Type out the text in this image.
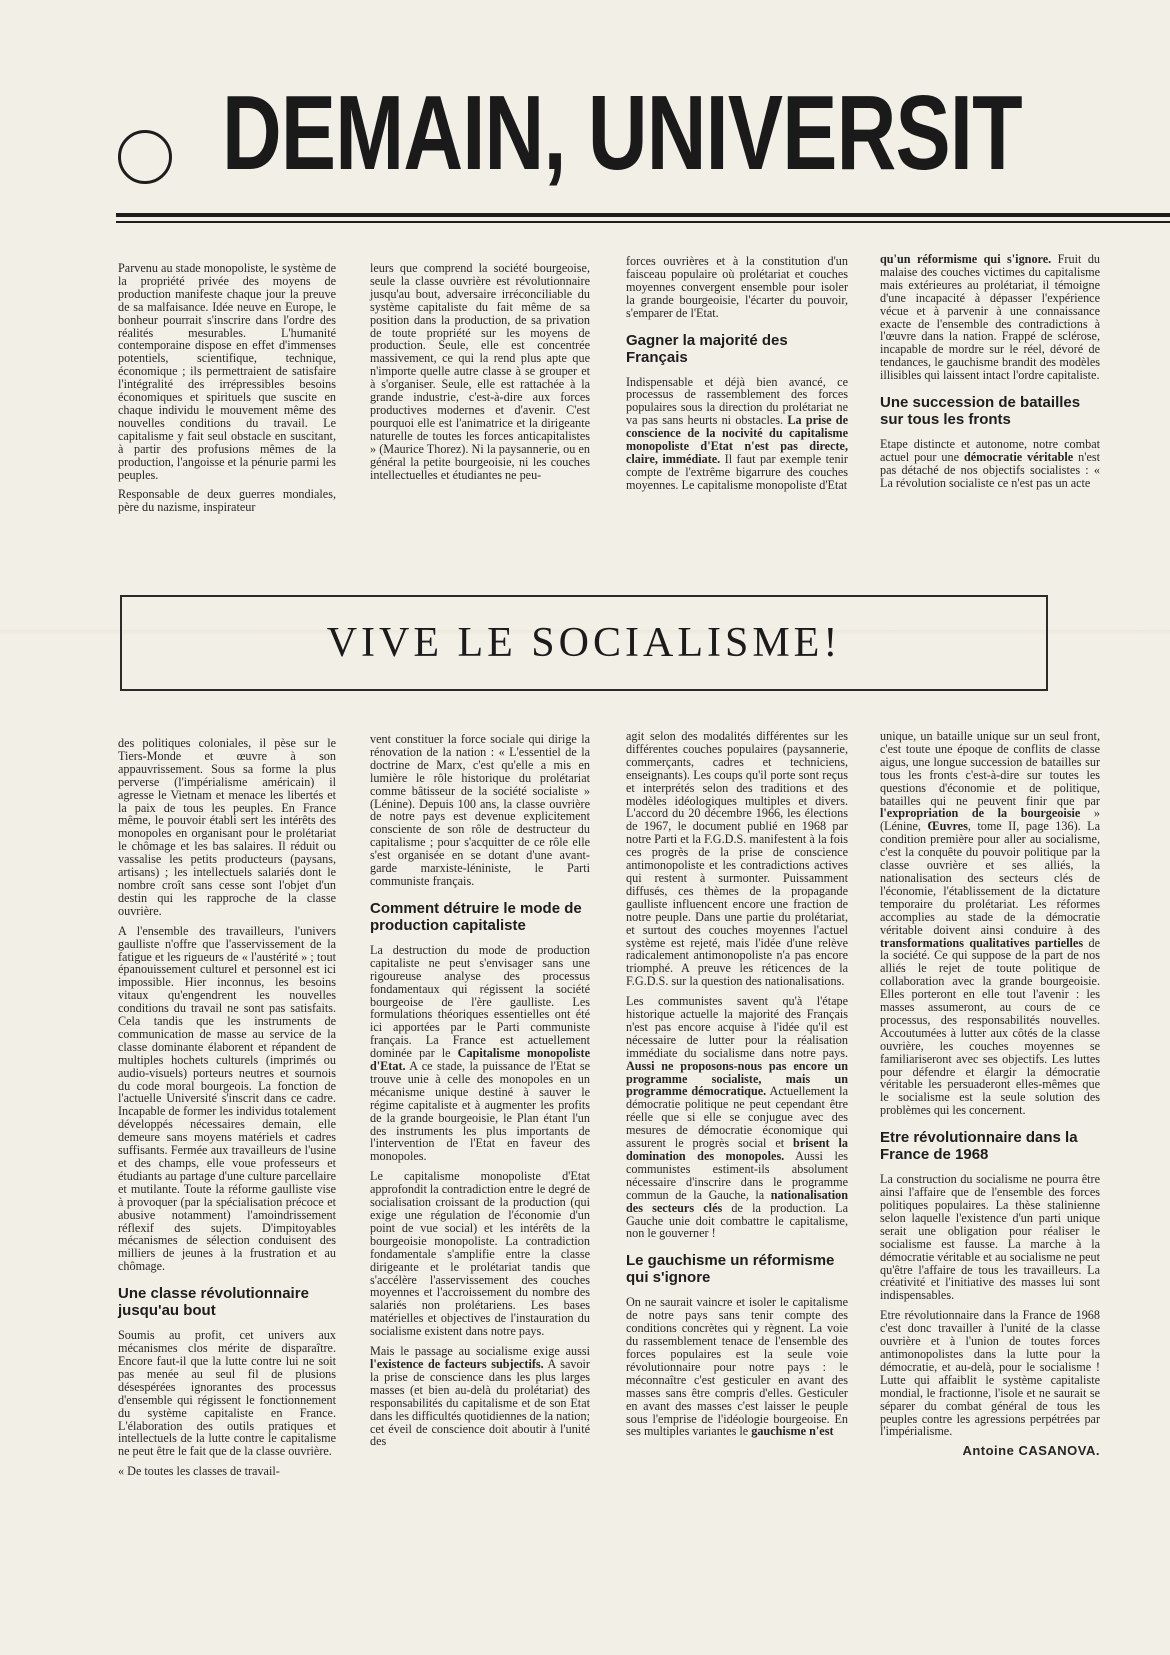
DEMAIN, UNIVERSIT

Parvenu au stade monopoliste, le système de la propriété privée des moyens de production manifeste chaque jour la preuve de sa malfaisance. Idée neuve en Europe, le bonheur pourrait s'inscrire dans l'ordre des réalités mesurables. L'humanité contemporaine dispose en effet d'immenses potentiels, scientifique, technique, économique ; ils permettraient de satisfaire l'intégralité des irrépressibles besoins économiques et spirituels que suscite en chaque individu le mouvement même des nouvelles conditions du travail. Le capitalisme y fait seul obstacle en suscitant, à partir des profusions mêmes de la production, l'angoisse et la pénurie parmi les peuples.

Responsable de deux guerres mondiales, père du nazisme, inspirateur

leurs que comprend la société bourgeoise, seule la classe ouvrière est révolutionnaire jusqu'au bout, adversaire irréconciliable du système capitaliste du fait même de sa position dans la production, de sa privation de toute propriété sur les moyens de production. Seule, elle est concentrée massivement, ce qui la rend plus apte que n'importe quelle autre classe à se grouper et à s'organiser. Seule, elle est rattachée à la grande industrie, c'est-à-dire aux forces productives modernes et d'avenir. C'est pourquoi elle est l'animatrice et la dirigeante naturelle de toutes les forces anticapitalistes » (Maurice Thorez). Ni la paysannerie, ou en général la petite bourgeoisie, ni les couches intellectuelles et étudiantes ne peu-

forces ouvrières et à la constitution d'un faisceau populaire où prolétariat et couches moyennes convergent ensemble pour isoler la grande bourgeoisie, l'écarter du pouvoir, s'emparer de l'Etat.

Gagner la majorité des Français

Indispensable et déjà bien avancé, ce processus de rassemblement des forces populaires sous la direction du prolétariat ne va pas sans heurts ni obstacles. La prise de conscience de la nocivité du capitalisme monopoliste d'Etat n'est pas directe, claire, immédiate. Il faut par exemple tenir compte de l'extrême bigarrure des couches moyennes. Le capitalisme monopoliste d'Etat

qu'un réformisme qui s'ignore. Fruit du malaise des couches victimes du capitalisme mais extérieures au prolétariat, il témoigne d'une incapacité à dépasser l'expérience vécue et à parvenir à une connaissance exacte de l'ensemble des contradictions à l'œuvre dans la nation. Frappé de sclérose, incapable de mordre sur le réel, dévoré de tendances, le gauchisme brandit des modèles illisibles qui laissent intact l'ordre capitaliste.

Une succession de batailles sur tous les fronts

Etape distincte et autonome, notre combat actuel pour une démocratie véritable n'est pas détaché de nos objectifs socialistes : « La révolution socialiste ce n'est pas un acte

VIVE LE SOCIALISME!

des politiques coloniales, il pèse sur le Tiers-Monde et œuvre à son appauvrissement. Sous sa forme la plus perverse (l'impérialisme américain) il agresse le Vietnam et menace les libertés et la paix de tous les peuples. En France même, le pouvoir établi sert les intérêts des monopoles en organisant pour le prolétariat le chômage et les bas salaires. Il réduit ou vassalise les petits producteurs (paysans, artisans) ; les intellectuels salariés dont le nombre croît sans cesse sont l'objet d'un destin qui les rapproche de la classe ouvrière.

A l'ensemble des travailleurs, l'univers gaulliste n'offre que l'asservissement de la fatigue et les rigueurs de « l'austérité » ; tout épanouissement culturel et personnel est ici impossible. Hier inconnus, les besoins vitaux qu'engendrent les nouvelles conditions du travail ne sont pas satisfaits. Cela tandis que les instruments de communication de masse au service de la classe dominante élaborent et répandent de multiples hochets culturels (imprimés ou audio-visuels) porteurs neutres et sournois du code moral bourgeois. La fonction de l'actuelle Université s'inscrit dans ce cadre. Incapable de former les individus totalement développés nécessaires demain, elle demeure sans moyens matériels et cadres suffisants. Fermée aux travailleurs de l'usine et des champs, elle voue professeurs et étudiants au partage d'une culture parcellaire et mutilante. Toute la réforme gaulliste vise à provoquer (par la spécialisation précoce et abusive notamment) l'amoindrissement réflexif des sujets. D'impitoyables mécanismes de sélection conduisent des milliers de jeunes à la frustration et au chômage.

Une classe révolutionnaire jusqu'au bout

Soumis au profit, cet univers aux mécanismes clos mérite de disparaître. Encore faut-il que la lutte contre lui ne soit pas menée au seul fil de plusions désespérées ignorantes des processus d'ensemble qui régissent le fonctionnement du système capitaliste en France. L'élaboration des outils pratiques et intellectuels de la lutte contre le capitalisme ne peut être le fait que de la classe ouvrière.

« De toutes les classes de travail-

vent constituer la force sociale qui dirige la rénovation de la nation : « L'essentiel de la doctrine de Marx, c'est qu'elle a mis en lumière le rôle historique du prolétariat comme bâtisseur de la société socialiste » (Lénine). Depuis 100 ans, la classe ouvrière de notre pays est devenue explicitement consciente de son rôle de destructeur du capitalisme ; pour s'acquitter de ce rôle elle s'est organisée en se dotant d'une avant-garde marxiste-léniniste, le Parti communiste français.

Comment détruire le mode de production capitaliste

La destruction du mode de production capitaliste ne peut s'envisager sans une rigoureuse analyse des processus fondamentaux qui régissent la société bourgeoise de l'ère gaulliste. Les formulations théoriques essentielles ont été ici apportées par le Parti communiste français. La France est actuellement dominée par le Capitalisme monopoliste d'Etat. A ce stade, la puissance de l'Etat se trouve unie à celle des monopoles en un mécanisme unique destiné à sauver le régime capitaliste et à augmenter les profits de la grande bourgeoisie, le Plan étant l'un des instruments les plus importants de l'intervention de l'Etat en faveur des monopoles.

Le capitalisme monopoliste d'Etat approfondit la contradiction entre le degré de socialisation croissant de la production (qui exige une régulation de l'économie d'un point de vue social) et les intérêts de la bourgeoisie monopoliste. La contradiction fondamentale s'amplifie entre la classe dirigeante et le prolétariat tandis que s'accélère l'asservissement des couches moyennes et l'accroissement du nombre des salariés non prolétariens. Les bases matérielles et objectives de l'instauration du socialisme existent dans notre pays.

Mais le passage au socialisme exige aussi l'existence de facteurs subjectifs. A savoir la prise de conscience dans les plus larges masses (et bien au-delà du prolétariat) des responsabilités du capitalisme et de son Etat dans les difficultés quotidiennes de la nation; cet éveil de conscience doit aboutir à l'unité des

agit selon des modalités différentes sur les différentes couches populaires (paysannerie, commerçants, cadres et techniciens, enseignants). Les coups qu'il porte sont reçus et interprétés selon des traditions et des modèles idéologiques multiples et divers. L'accord du 20 décembre 1966, les élections de 1967, le document publié en 1968 par notre Parti et la F.G.D.S. manifestent à la fois ces progrès de la prise de conscience antimonopoliste et les contradictions actives qui restent à surmonter. Puissamment diffusés, ces thèmes de la propagande gaulliste influencent encore une fraction de notre peuple. Dans une partie du prolétariat, et surtout des couches moyennes l'actuel système est rejeté, mais l'idée d'une relève radicalement antimonopoliste n'a pas encore triomphé. A preuve les réticences de la F.G.D.S. sur la question des nationalisations.

Les communistes savent qu'à l'étape historique actuelle la majorité des Français n'est pas encore acquise à l'idée qu'il est nécessaire de lutter pour la réalisation immédiate du socialisme dans notre pays. Aussi ne proposons-nous pas encore un programme socialiste, mais un programme démocratique. Actuellement la démocratie politique ne peut cependant être réelle que si elle se conjugue avec des mesures de démocratie économique qui assurent le progrès social et brisent la domination des monopoles. Aussi les communistes estiment-ils absolument nécessaire d'inscrire dans le programme commun de la Gauche, la nationalisation des secteurs clés de la production. La Gauche unie doit combattre le capitalisme, non le gouverner !

Le gauchisme un réformisme qui s'ignore

On ne saurait vaincre et isoler le capitalisme de notre pays sans tenir compte des conditions concrètes qui y règnent. La voie du rassemblement tenace de l'ensemble des forces populaires est la seule voie révolutionnaire pour notre pays : le méconnaître c'est gesticuler en avant des masses sans être compris d'elles. Gesticuler en avant des masses c'est laisser le peuple sous l'emprise de l'idéologie bourgeoise. En ses multiples variantes le gauchisme n'est

unique, un bataille unique sur un seul front, c'est toute une époque de conflits de classe aigus, une longue succession de batailles sur tous les fronts c'est-à-dire sur toutes les questions d'économie et de politique, batailles qui ne peuvent finir que par l'expropriation de la bourgeoisie » (Lénine, Œuvres, tome II, page 136). La condition première pour aller au socialisme, c'est la conquête du pouvoir politique par la classe ouvrière et ses alliés, la nationalisation des secteurs clés de l'économie, l'établissement de la dictature temporaire du prolétariat. Les réformes accomplies au stade de la démocratie véritable doivent ainsi conduire à des transformations qualitatives partielles de la société. Ce qui suppose de la part de nos alliés le rejet de toute politique de collaboration avec la grande bourgeoisie. Elles porteront en elle tout l'avenir : les masses assumeront, au cours de ce processus, des responsabilités nouvelles. Accoutumées à lutter aux côtés de la classe ouvrière, les couches moyennes se familiariseront avec ses objectifs. Les luttes pour défendre et élargir la démocratie véritable les persuaderont elles-mêmes que le socialisme est la seule solution des problèmes qui les concernent.

Etre révolutionnaire dans la France de 1968

La construction du socialisme ne pourra être ainsi l'affaire que de l'ensemble des forces politiques populaires. La thèse stalinienne selon laquelle l'existence d'un parti unique serait une obligation pour réaliser le socialisme est fausse. La marche à la démocratie véritable et au socialisme ne peut qu'être l'affaire de tous les travailleurs. La créativité et l'initiative des masses lui sont indispensables.

Etre révolutionnaire dans la France de 1968 c'est donc travailler à l'unité de la classe ouvrière et à l'union de toutes forces antimonopolistes dans la lutte pour la démocratie, et au-delà, pour le socialisme ! Lutte qui affaiblit le système capitaliste mondial, le fractionne, l'isole et ne saurait se séparer du combat général de tous les peuples contre les agressions perpétrées par l'impérialisme.

Antoine CASANOVA.
